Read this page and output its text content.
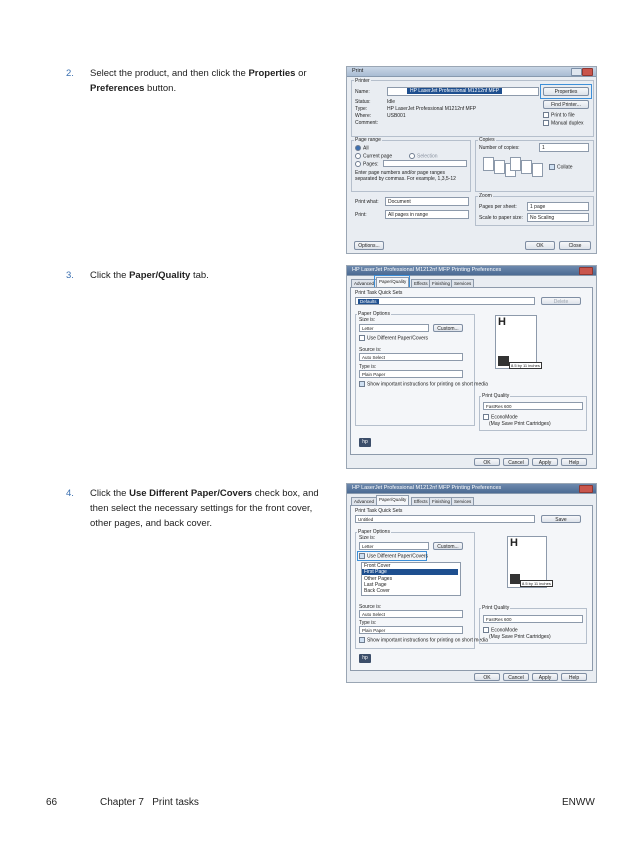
2. Select the product, and then click the Properties or Preferences button.
3. Click the Paper/Quality tab.
4. Click the Use Different Paper/Covers check box, and then select the necessary settings for the front cover, other pages, and back cover.
Print
Printer
Name:	HP LaserJet Professional M1212nf MFP
Status:	Idle
Type:	HP LaserJet Professional M1212nf MFP
Where:	USB001
Comment:
Properties
Find Printer...
Print to file
Manual duplex
Page range
All
Current page	Selection
Pages:
Enter page numbers and/or page ranges separated by commas. For example, 1,3,5-12
Copies
Number of copies:	1
Collate
Print what: Document
Print:	All pages in range
Zoom
Pages per sheet:	1 page
Scale to paper size: No Scaling
Options...	OK	Close
HP LaserJet Professional M1212nf MFP Printing Preferences
Advanced	Paper/Quality	Effects Finishing Services
Print Task Quick Sets
Defaults	Delete
Paper Options
Size is:
Letter	Custom...
Use Different Paper/Covers
Source is:
Auto Select
Type is:
Plain Paper
Show important instructions for printing on short media
H
8.5 by 11 inches
Print Quality
FastRes 600
EconoMode
(May Save Print Cartridges)
hp
OK	Cancel	Apply	Help
HP LaserJet Professional M1212nf MFP Printing Preferences
Advanced	Paper/Quality	Effects Finishing Services
Print Task Quick Sets
Untitled	Save
Paper Options
Size is:
Letter	Custom...
Use Different Paper/Covers
Front Cover
First Page
Other Pages
Last Page
Back Cover
Source is:
Auto Select
Type is:
Plain Paper
Show important instructions for printing on short media
H
8.5 by 11 inches
Print Quality
FastRes 600
EconoMode
(May Save Print Cartridges)
hp
OK	Cancel	Apply	Help
66	Chapter 7   Print tasks	ENWW
